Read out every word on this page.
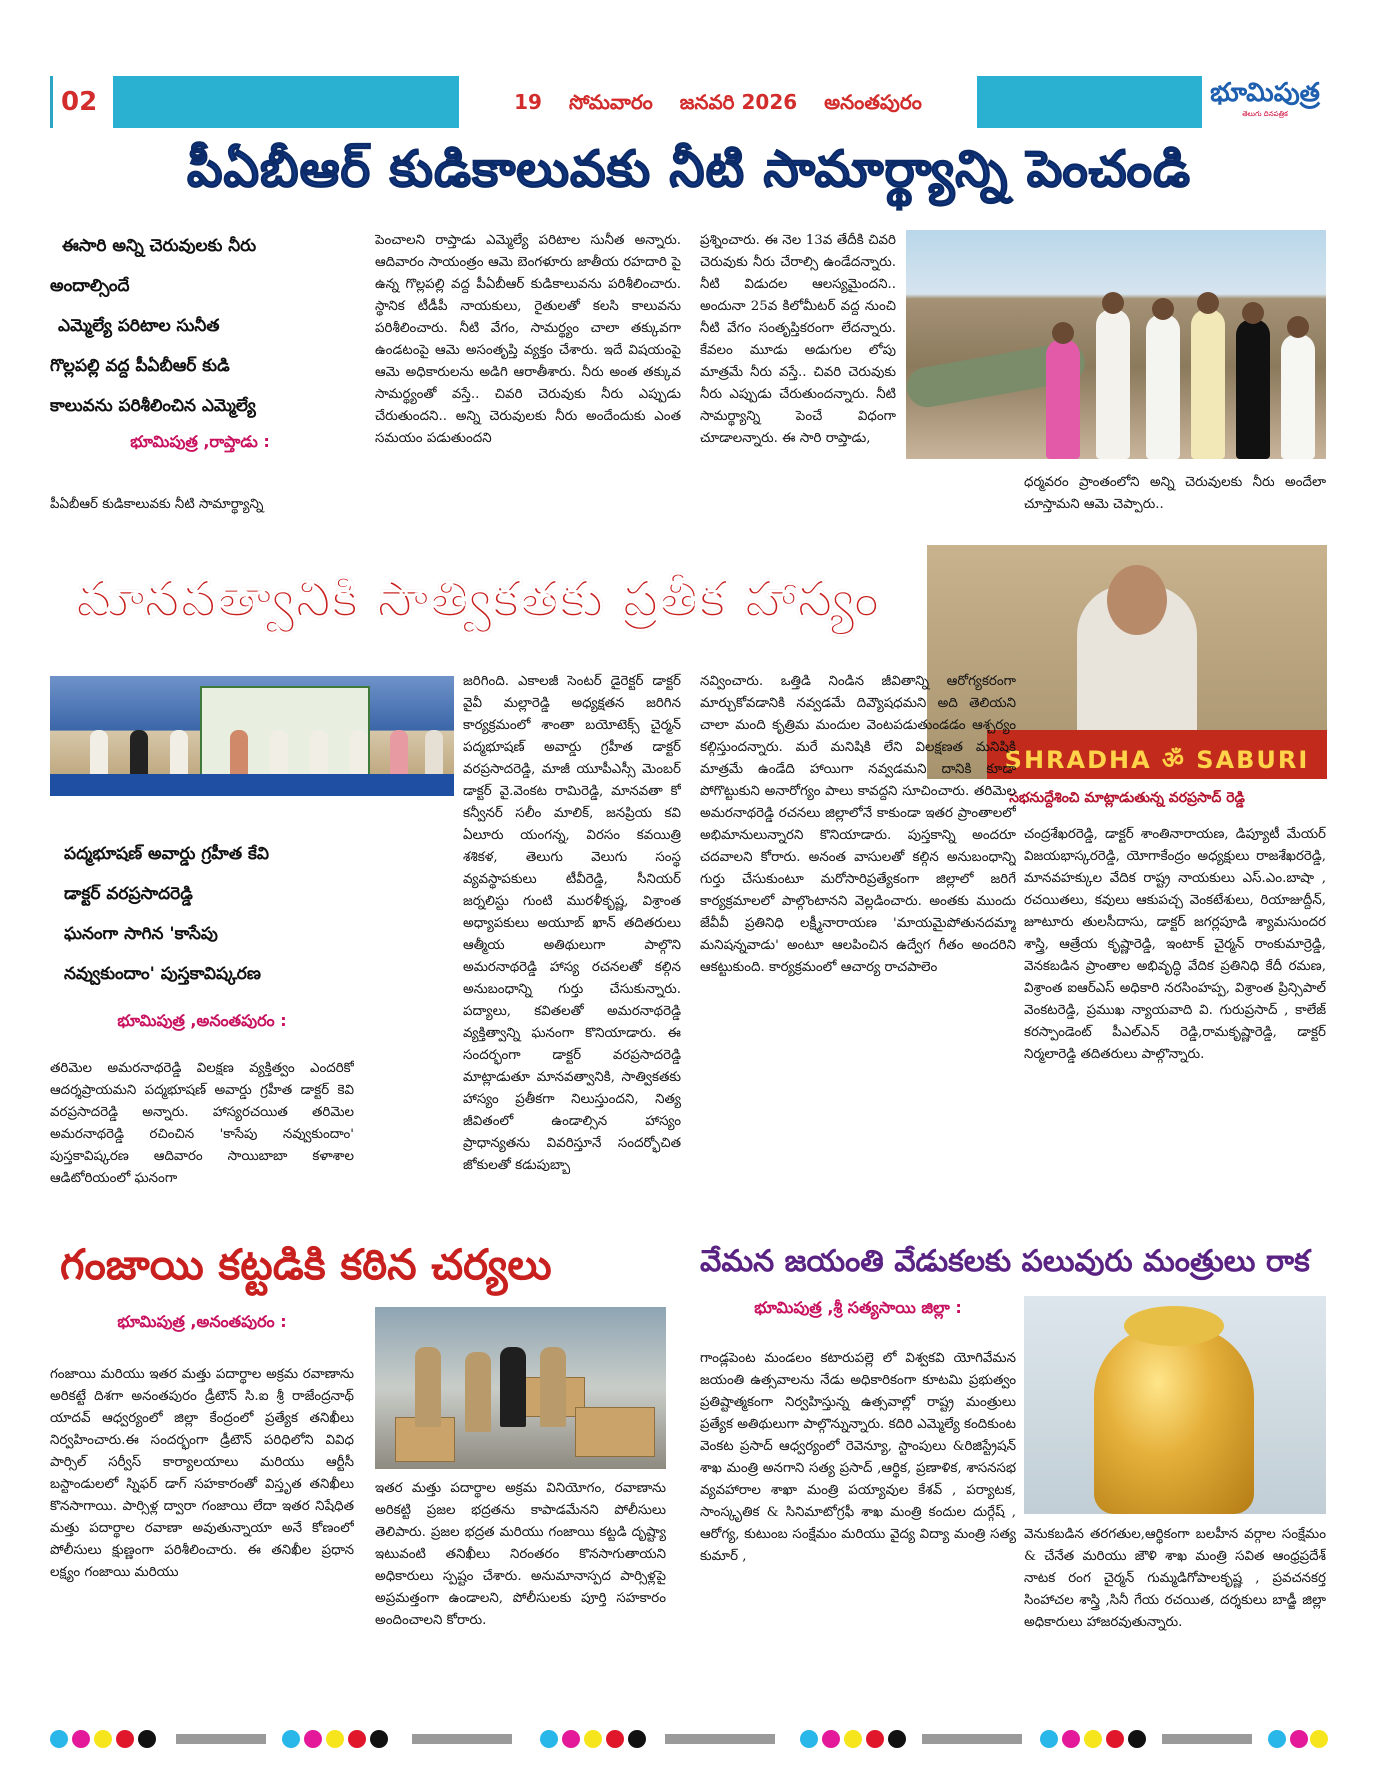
02	19 సోమవారం జనవరి 2026 అనంతపురం	భూమిపుత్ర
తెలుగు దినపత్రిక
పీఏబీఆర్ కుడికాలువకు నీటి సామార్థ్యాన్ని పెంచండి
ఈసారి అన్ని చెరువులకు నీరు
అందాల్సిందే
ఎమ్మెల్యే పరిటాల సునీత
గొల్లపల్లి వద్ద పీఏబీఆర్ కుడి
కాలువను పరిశీలించిన ఎమ్మెల్యే
భూమిపుత్ర ,రాప్తాడు :
పీఏబీఆర్ కుడికాలువకు నీటి సామార్థ్యాన్ని
పెంచాలని రాప్తాడు ఎమ్మెల్యే పరిటాల సునీత అన్నారు. ఆదివారం సాయంత్రం ఆమె బెంగళూరు జాతీయ రహదారి పై ఉన్న గొల్లపల్లి వద్ద పీఏబీఆర్ కుడికాలువను పరిశీలించారు. స్థానిక టీడీపీ నాయకులు, రైతులతో కలసి కాలువను పరిశీలించారు. నీటి వేగం, సామర్థ్యం చాలా తక్కువగా ఉండటంపై ఆమె అసంతృప్తి వ్యక్తం చేశారు. ఇదే విషయంపై ఆమె అధికారులను అడిగి ఆరాతీశారు. నీరు అంత తక్కువ సామర్థ్యంతో వస్తే.. చివరి చెరువుకు నీరు ఎప్పుడు చేరుతుందని.. అన్ని చెరువులకు నీరు అందేందుకు ఎంత సమయం పడుతుందని
ప్రశ్నించారు. ఈ నెల 13వ తేదీకి చివరి చెరువుకు నీరు చేరాల్సి ఉండేదన్నారు. నీటి విడుదల ఆలస్యమైందని.. అందునా 25వ కిలోమీటర్ వద్ద నుంచి నీటి వేగం సంతృప్తికరంగా లేదన్నారు. కేవలం మూడు అడుగుల లోపు మాత్రమే నీరు వస్తే.. చివరి చెరువుకు నీరు ఎప్పుడు చేరుతుందన్నారు. నీటి సామర్థ్యాన్ని పెంచే విధంగా చూడాలన్నారు. ఈ సారి రాప్తాడు,
ధర్మవరం ప్రాంతంలోని అన్ని చెరువులకు నీరు అందేలా చూస్తామని ఆమె చెప్పారు..
మానవత్వానికి సాత్వికతకు ప్రతీక హాస్యం
SHRADHA ॐ SABURI
సభనుద్దేశించి మాట్లాడుతున్న వరప్రసాద్ రెడ్డి
పద్మభూషణ్ అవార్డు గ్రహీత కేవి
డాక్టర్ వరప్రసాదరెడ్డి
ఘనంగా సాగిన 'కాసేపు
నవ్వుకుందాం' పుస్తకావిష్కరణ
భూమిపుత్ర ,అనంతపురం :
తరిమెల అమరనాథరెడ్డి విలక్షణ వ్యక్తిత్వం ఎందరికో ఆదర్శప్రాయమని పద్మభూషణ్ అవార్డు గ్రహీత డాక్టర్ కెవి వరప్రసాదరెడ్డి అన్నారు. హాస్యరచయిత తరిమెల అమరనాథరెడ్డి రచించిన 'కాసేపు నవ్వుకుందాం' పుస్తకావిష్కరణ ఆదివారం సాయిబాబా కళాశాల ఆడిటోరియంలో ఘనంగా
జరిగింది. ఎకాలజీ సెంటర్ డైరెక్టర్ డాక్టర్ వైవీ మల్లారెడ్డి అధ్యక్షతన జరిగిన కార్యక్రమంలో శాంతా బయోటెక్స్ చైర్మన్ పద్మభూషణ్ అవార్డు గ్రహీత డాక్టర్ వరప్రసాదరెడ్డి, మాజీ యూపీఎస్సీ మెంబర్ డాక్టర్ వై.వెంకట రామిరెడ్డి, మానవతా కో కన్వీనర్ సలీం మాలిక్, జనప్రియ కవి ఏలూరు యంగన్న, విరసం కవయిత్రి శశికళ, తెలుగు వెలుగు సంస్థ వ్యవస్థాపకులు టీవీరెడ్డి, సీనియర్ జర్నలిస్టు గుంటి మురళీకృష్ణ, విశ్రాంత అధ్యాపకులు అయూబ్ ఖాన్ తదితరులు ఆత్మీయ అతిథులుగా పాల్గొని అమరనాథరెడ్డి హాస్య రచనలతో కల్గిన అనుబంధాన్ని గుర్తు చేసుకున్నారు. పద్యాలు, కవితలతో అమరనాథరెడ్డి వ్యక్తిత్వాన్ని ఘనంగా కొనియాడారు. ఈ సందర్భంగా డాక్టర్ వరప్రసాదరెడ్డి మాట్లాడుతూ మానవత్వానికి, సాత్వికతకు హాస్యం ప్రతీకగా నిలుస్తుందని, నిత్య జీవితంలో ఉండాల్సిన హాస్యం ప్రాధాన్యతను వివరిస్తూనే సందర్భోచిత జోకులతో కడుపుబ్బా
నవ్వించారు. ఒత్తిడి నిండిన జీవితాన్ని ఆరోగ్యకరంగా మార్చుకోవడానికి నవ్వడమే దివ్యౌషధమని అది తెలియని చాలా మంది కృత్రిమ మందుల వెంటపడుతుండడం ఆశ్చర్యం కల్గిస్తుందన్నారు. మరే మనిషికి లేని విలక్షణత మనిషికి మాత్రమే ఉండేది హాయిగా నవ్వడమని దానికి కూడా పోగొట్టుకుని అనారోగ్యం పాలు కావద్దని సూచించారు. తరిమెల అమరనాథరెడ్డి రచనలు జిల్లాలోనే కాకుండా ఇతర ప్రాంతాలలో అభిమానులున్నారని కొనియాడారు. పుస్తకాన్ని అందరూ చదవాలని కోరారు. అనంత వాసులతో కల్గిన అనుబంధాన్ని గుర్తు చేసుకుంటూ మరోసారిప్రత్యేకంగా జిల్లాలో జరిగే కార్యక్రమాలలో పాల్గొంటానని వెల్లడించారు. అంతకు ముందు జేవీవీ ప్రతినిధి లక్ష్మీనారాయణ 'మాయమైపోతునదమ్మా మనిషన్నవాడు' అంటూ ఆలపించిన ఉద్వేగ గీతం అందరిని ఆకట్టుకుంది. కార్యక్రమంలో ఆచార్య రాచపాలెం
చంద్రశేఖరరెడ్డి, డాక్టర్ శాంతినారాయణ, డిప్యూటీ మేయర్ విజయభాస్కరరెడ్డి, యోగాకేంద్రం అధ్యక్షులు రాజశేఖరరెడ్డి, మానవహక్కుల వేదిక రాష్ట్ర నాయకులు ఎస్.ఎం.బాషా , రచయితలు, కవులు ఆకుపచ్చ వెంకటేశులు, రియాజుద్దీన్, జూటూరు తులసీదాసు, డాక్టర్ జగర్లపూడి శ్యామసుందర శాస్త్రి, ఆత్రేయ కృష్ణారెడ్డి, ఇంటాక్ చైర్మన్ రాంకుమార్రెడ్డి, వెనకబడిన ప్రాంతాల అభివృద్ధి వేదిక ప్రతినిధి కేదీ రమణ, విశ్రాంత ఐఆర్ఎస్ అధికారి నరసింహప్ప, విశ్రాంత ప్రిన్సిపాల్ వెంకటరెడ్డి, ప్రముఖ న్యాయవాది వి. గురుప్రసాద్ , కాలేజ్ కరస్పాండెంట్ పీఎల్ఎన్ రెడ్డి,రామకృష్ణారెడ్డి, డాక్టర్ నిర్మలారెడ్డి తదితరులు పాల్గొన్నారు.
గంజాయి కట్టడికి కఠిన చర్యలు
భూమిపుత్ర ,అనంతపురం :
గంజాయి మరియు ఇతర మత్తు పదార్థాల అక్రమ రవాణాను అరికట్టే దిశగా అనంతపురం డ్రీటౌన్ సి.ఐ శ్రీ రాజేంద్రనాథ్ యాదవ్ ఆధ్వర్యంలో జిల్లా కేంద్రంలో ప్రత్యేక తనిఖీలు నిర్వహించారు.ఈ సందర్భంగా డ్రీటౌన్ పరిధిలోని వివిధ పార్సిల్ సర్వీస్ కార్యాలయాలు మరియు ఆర్టీసీ బస్టాండులలో స్నిఫర్ డాగ్ సహకారంతో విస్తృత తనిఖీలు కొనసాగాయి. పార్సిళ్ల ద్వారా గంజాయి లేదా ఇతర నిషేధిత మత్తు పదార్థాల రవాణా అవుతున్నాయా అనే కోణంలో పోలీసులు క్షుణ్ణంగా పరిశీలించారు. ఈ తనిఖీల ప్రధాన లక్ష్యం గంజాయి మరియు
ఇతర మత్తు పదార్థాల అక్రమ వినియోగం, రవాణాను అరికట్టి ప్రజల భద్రతను కాపాడమేనని పోలీసులు తెలిపారు. ప్రజల భద్రత మరియు గంజాయి కట్టడి దృష్ట్యా ఇటువంటి తనిఖీలు నిరంతరం కొనసాగుతాయని అధికారులు స్పష్టం చేశారు. అనుమానాస్పద పార్సిళ్లపై అప్రమత్తంగా ఉండాలని, పోలీసులకు పూర్తి సహకారం అందించాలని కోరారు.
వేమన జయంతి వేడుకలకు పలువురు మంత్రులు రాక
భూమిపుత్ర ,శ్రీ సత్యసాయి జిల్లా :
గాండ్లపెంట మండలం కటారుపల్లె లో విశ్వకవి యోగివేమన జయంతి ఉత్సవాలను నేడు అధికారికంగా కూటమి ప్రభుత్వం ప్రతిష్టాత్మకంగా నిర్వహిస్తున్న ఉత్సవాల్లో రాష్ట్ర మంత్రులు ప్రత్యేక అతిథులుగా పాల్గొన్నున్నారు. కదిరి ఎమ్మెల్యే కందికుంట వెంకట ప్రసాద్ ఆధ్వర్యంలో రెవెన్యూ, స్టాంపులు &రిజిస్ట్రేషన్ శాఖ మంత్రి అనగాని సత్య ప్రసాద్ ,ఆర్థిక, ప్రణాళిక, శాసనసభ వ్యవహారాల శాఖా మంత్రి పయ్యావుల కేశవ్ , పర్యాటక, సాంస్కృతిక & సినిమాటోగ్రఫీ శాఖ మంత్రి కందుల దుర్గేష్ , ఆరోగ్య, కుటుంబ సంక్షేమం మరియు వైద్య విద్యా మంత్రి సత్య కుమార్ ,
వెనుకబడిన తరగతుల,ఆర్థికంగా బలహీన వర్గాల సంక్షేమం & చేనేత మరియు జౌళి శాఖ మంత్రి సవిత ఆంధ్రప్రదేశ్ నాటక రంగ చైర్మన్ గుమ్మడిగోపాలకృష్ణ , ప్రవచనకర్త సింహాచల శాస్త్రి ,సినీ గేయ రచయిత, దర్శకులు బాడ్జీ జిల్లా అధికారులు హాజరవుతున్నారు.
